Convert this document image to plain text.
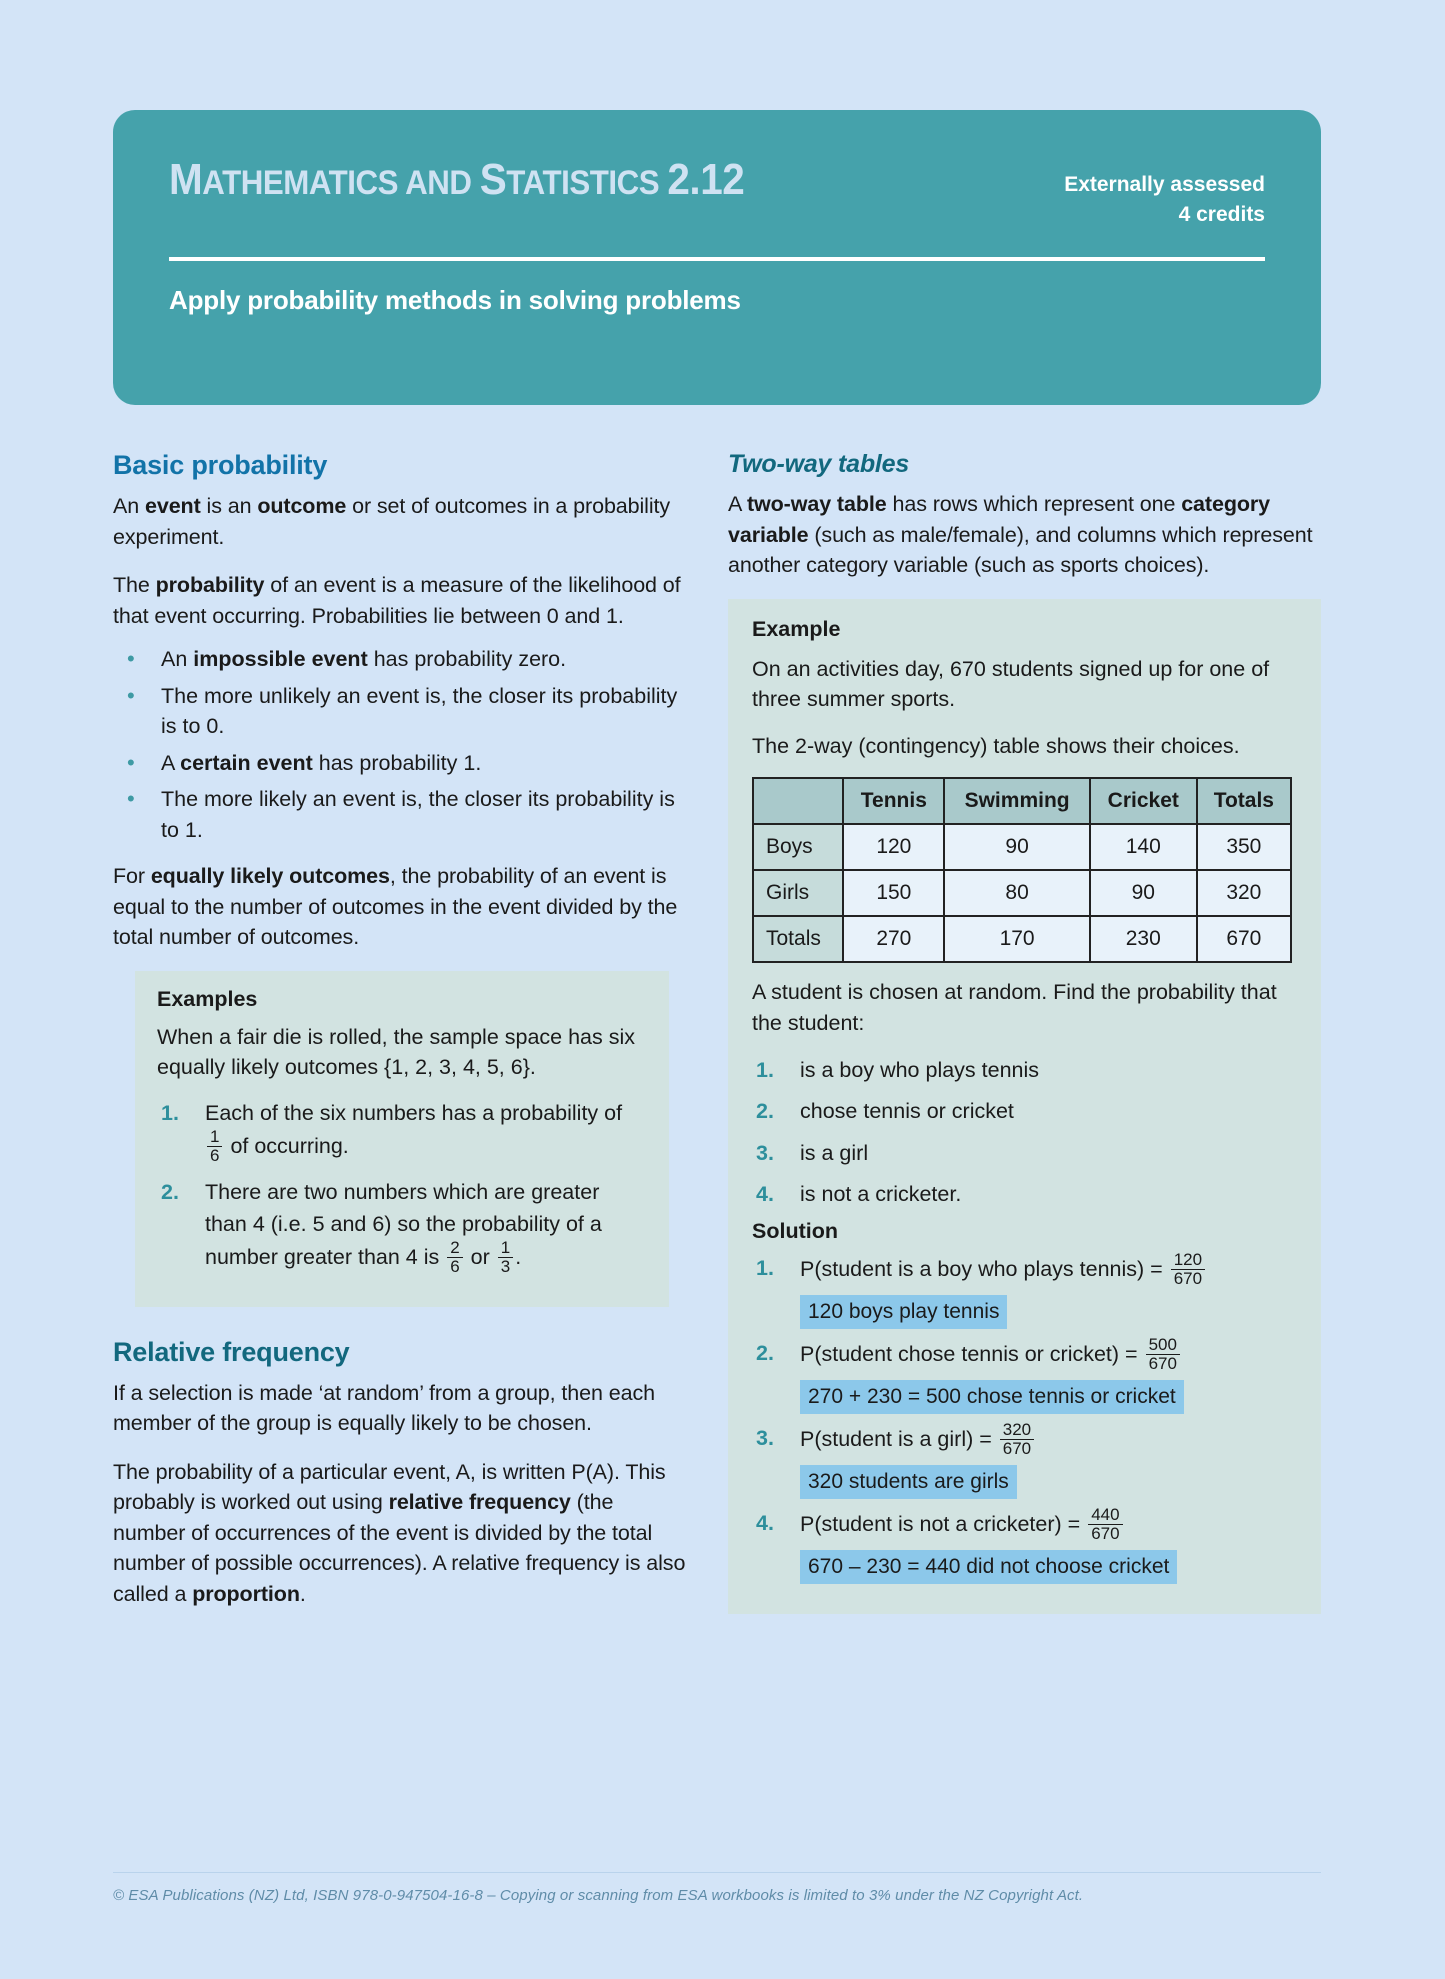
MATHEMATICS AND STATISTICS 2.12	Externally assessed
4 credits
Apply probability methods in solving problems
Basic probability

An event is an outcome or set of outcomes in a probability experiment.

The probability of an event is a measure of the likelihood of that event occurring. Probabilities lie between 0 and 1.

• An impossible event has probability zero.
• The more unlikely an event is, the closer its probability is to 0.
• A certain event has probability 1.
• The more likely an event is, the closer its probability is to 1.

For equally likely outcomes, the probability of an event is equal to the number of outcomes in the event divided by the total number of outcomes.

Examples

When a fair die is rolled, the sample space has six equally likely outcomes {1, 2, 3, 4, 5, 6}.

1. Each of the six numbers has a probability of
$\frac{1}{6}$ of occurring.
2. There are two numbers which are greater than 4 (i.e. 5 and 6) so the probability of a number greater than 4 is $\frac{2}{6}$ or $\frac{1}{3}$ .
Relative frequency

If a selection is made ‘at random’ from a group, then each member of the group is equally likely to be chosen.

The probability of a particular event, A, is written P(A). This probably is worked out using relative frequency (the number of occurrences of the event is divided by the total number of possible occurrences). A relative frequency is also called a proportion.

Two-way tables

A two-way table has rows which represent one category variable (such as male/female), and columns which represent another category variable (such as sports choices).

Example

On an activities day, 670 students signed up for one of three summer sports.

The 2-way (contingency) table shows their choices.

	Tennis	Swimming	Cricket	Totals
Boys	120	90	140	350
Girls	150	80	90	320
Totals	270	170	230	670

A student is chosen at random. Find the probability that the student:

1. is a boy who plays tennis
2. chose tennis or cricket
3. is a girl
4. is not a cricketer.
Solution
1. P(student is a boy who plays tennis) = $\frac{120}{670}$
120 boys play tennis
2. P(student chose tennis or cricket) = $\frac{500}{670}$
270 + 230 = 500 chose tennis or cricket
3. P(student is a girl) = $\frac{320}{670}$
320 students are girls
4. P(student is not a cricketer) = $\frac{440}{670}$
670 – 230 = 440 did not choose cricket
© ESA Publications (NZ) Ltd, ISBN 978-0-947504-16-8 – Copying or scanning from ESA workbooks is limited to 3% under the NZ Copyright Act.
